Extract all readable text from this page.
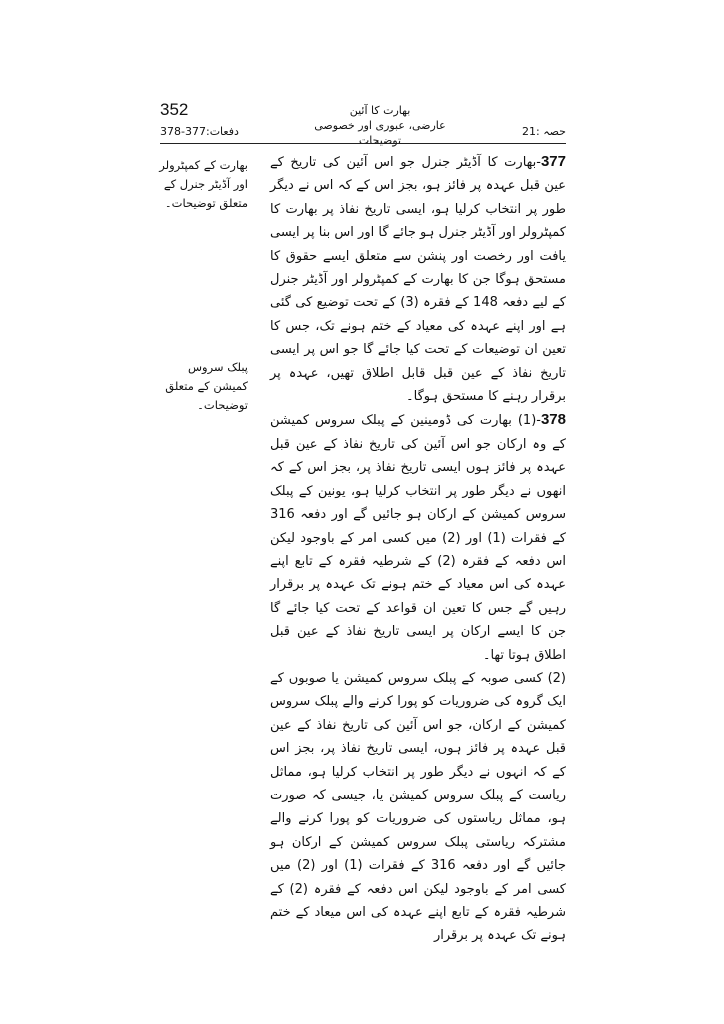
352	بھارت کا آئین
عارضی، عبوری اور خصوصی توضیحات
حصہ :21
دفعات:377-378
بھارت کے کمپٹرولر اور آڈیٹر جنرل کے متعلق توضیحات۔
پبلک سروس کمیشن کے متعلق توضیحات۔

377-بھارت کا آڈیٹر جنرل جو اس آئین کی تاریخ کے عین قبل عہدہ پر فائز ہو، بجز اس کے کہ اس نے دیگر طور پر انتخاب کرلیا ہو، ایسی تاریخ نفاذ پر بھارت کا کمپٹرولر اور آڈیٹر جنرل ہو جائے گا اور اس بنا پر ایسی یافت اور رخصت اور پنشن سے متعلق ایسے حقوق کا مستحق ہوگا جن کا بھارت کے کمپٹرولر اور آڈیٹر جنرل کے لیے دفعہ 148 کے فقرہ (3) کے تحت توضیع کی گئی ہے اور اپنے عہدہ کی معیاد کے ختم ہونے تک، جس کا تعین ان توضیعات کے تحت کیا جائے گا جو اس پر ایسی تاریخ نفاذ کے عین قبل قابل اطلاق تھیں، عہدہ پر برقرار رہنے کا مستحق ہوگا۔

378-(1) بھارت کی ڈومینین کے پبلک سروس کمیشن کے وہ ارکان جو اس آئین کی تاریخ نفاذ کے عین قبل عہدہ پر فائز ہوں ایسی تاریخ نفاذ پر، بجز اس کے کہ انھوں نے دیگر طور پر انتخاب کرلیا ہو، یونین کے پبلک سروس کمیشن کے ارکان ہو جائیں گے اور دفعہ 316 کے فقرات (1) اور (2) میں کسی امر کے باوجود لیکن اس دفعہ کے فقرہ (2) کے شرطیہ فقرہ کے تابع اپنے عہدہ کی اس معیاد کے ختم ہونے تک عہدہ پر برقرار رہیں گے جس کا تعین ان قواعد کے تحت کیا جائے گا جن کا ایسے ارکان پر ایسی تاریخ نفاذ کے عین قبل اطلاق ہوتا تھا۔

(2) کسی صوبہ کے پبلک سروس کمیشن یا صوبوں کے ایک گروہ کی ضروریات کو پورا کرنے والے پبلک سروس کمیشن کے ارکان، جو اس آئین کی تاریخ نفاذ کے عین قبل عہدہ پر فائز ہوں، ایسی تاریخ نفاذ پر، بجز اس کے کہ انہوں نے دیگر طور پر انتخاب کرلیا ہو، مماثل ریاست کے پبلک سروس کمیشن یا، جیسی کہ صورت ہو، مماثل ریاستوں کی ضروریات کو پورا کرنے والے مشترکہ ریاستی پبلک سروس کمیشن کے ارکان ہو جائیں گے اور دفعہ 316 کے فقرات (1) اور (2) میں کسی امر کے باوجود لیکن اس دفعہ کے فقرہ (2) کے شرطیہ فقرہ کے تابع اپنے عہدہ کی اس میعاد کے ختم ہونے تک عہدہ پر برقرار
